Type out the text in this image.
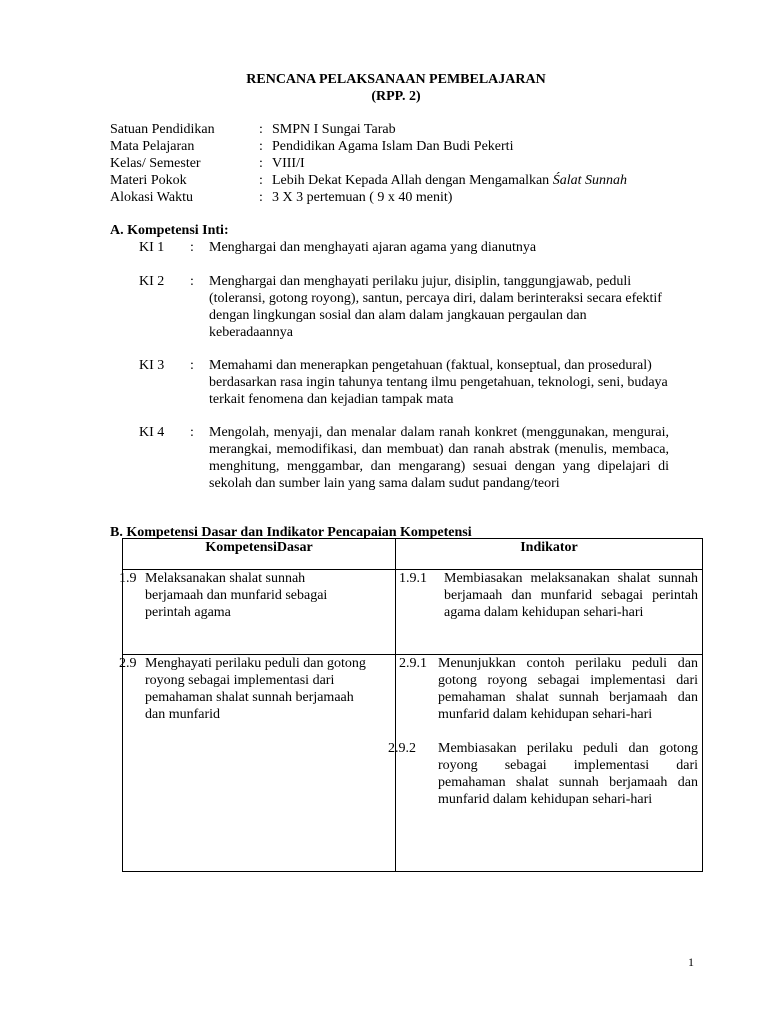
RENCANA PELAKSANAAN PEMBELAJARAN
(RPP. 2)
Satuan Pendidikan	: SMPN I Sungai Tarab
Mata Pelajaran	: Pendidikan Agama Islam Dan Budi Pekerti
Kelas/ Semester	: VIII/I
Materi Pokok	: Lebih Dekat Kepada Allah dengan Mengamalkan Śalat Sunnah
Alokasi Waktu	: 3 X 3 pertemuan ( 9 x 40 menit)
A. Kompetensi Inti:
KI 1 : Menghargai dan menghayati ajaran agama yang dianutnya
KI 2 : Menghargai dan menghayati perilaku jujur, disiplin, tanggungjawab, peduli (toleransi, gotong royong), santun, percaya diri, dalam berinteraksi secara efektif dengan lingkungan sosial dan alam dalam jangkauan pergaulan dan keberadaannya
KI 3 : Memahami dan menerapkan pengetahuan (faktual, konseptual, dan prosedural) berdasarkan rasa ingin tahunya tentang ilmu pengetahuan, teknologi, seni, budaya terkait fenomena dan kejadian tampak mata
KI 4 : Mengolah, menyaji, dan menalar dalam ranah konkret (menggunakan, mengurai, merangkai, memodifikasi, dan membuat) dan ranah abstrak (menulis, membaca, menghitung, menggambar, dan mengarang) sesuai dengan yang dipelajari di sekolah dan sumber lain yang sama dalam sudut pandang/teori
B. Kompetensi Dasar dan Indikator Pencapaian Kompetensi
KompetensiDasar	Indikator

1.9 Melaksanakan shalat sunnah berjamaah dan munfarid sebagai perintah agama	1.9.1 Membiasakan melaksanakan shalat sunnah berjamaah dan munfarid sebagai perintah agama dalam kehidupan sehari-hari

2.9 Menghayati perilaku peduli dan gotong royong sebagai implementasi dari pemahaman shalat sunnah berjamaah dan munfarid	2.9.1 Menunjukkan contoh perilaku peduli dan gotong royong sebagai implementasi dari pemahaman shalat sunnah berjamaah dan munfarid dalam kehidupan sehari-hari
2.9.2 Membiasakan perilaku peduli dan gotong royong sebagai implementasi dari pemahaman shalat sunnah berjamaah dan munfarid dalam kehidupan sehari-hari
1
